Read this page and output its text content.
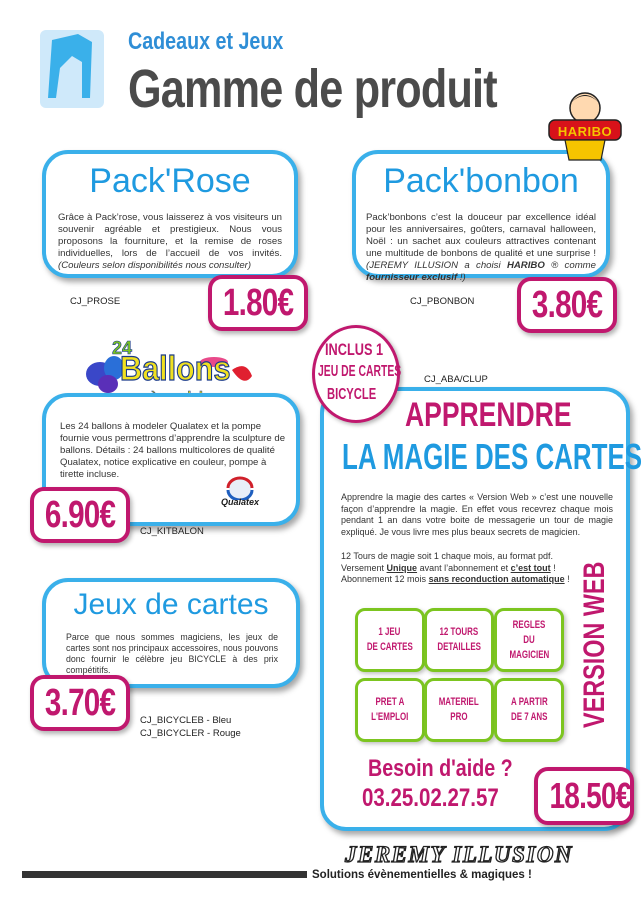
Cadeaux et Jeux
Gamme de produit
Pack'Rose
Grâce à Pack’rose, vous laisserez à vos visiteurs un souvenir agréable et prestigieux. Nous vous proposons la fourniture, et la remise de roses individuelles, lors de l’accueil de vos invités. (Couleurs selon disponibilités nous consulter)
CJ_PROSE	1.80€
Pack'bonbon
Pack’bonbons c’est la douceur par excellence idéal pour les anniversaires, goûters, carnaval halloween, Noël : un sachet aux couleurs attractives contenant une multitude de bonbons de qualité et une surprise ! (JEREMY ILLUSION a choisi HARIBO ® comme fournisseur exclusif !)
HARIBO
CJ_PBONBON	3.80€
24
Ballons
Les 24 ballons à modeler Qualatex et la pompe fournie vous permettrons d’apprendre la sculpture de ballons. Détails : 24 ballons multicolores de qualité Qualatex, notice explicative en couleur, pompe à tirette incluse.
Qualatex
6.90€	CJ_KITBALON
Jeux de cartes
Parce que nous sommes magiciens, les jeux de cartes sont nos principaux accessoires, nous pouvons donc fournir le célèbre jeu BICYCLE à des prix compétitifs.
3.70€	CJ_BICYCLEB - Bleu
CJ_BICYCLER - Rouge
INCLUS 1
JEU DE CARTES
BICYCLE
CJ_ABA/CLUP
APPRENDRE
LA MAGIE DES CARTES
Apprendre la magie des cartes « Version Web » c’est une nouvelle façon d’apprendre la magie. En effet vous recevrez chaque mois pendant 1 an dans votre boite de messagerie un tour de magie expliqué. Je vous livre mes plus beaux secrets de magicien.
12 Tours de magie soit 1 chaque mois, au format pdf.
Versement Unique avant l’abonnement et c’est tout !
Abonnement 12 mois sans reconduction automatique ! VERSION WEB
1 JEU
DE CARTES
12 TOURS
DETAILLES
REGLES DU
MAGICIEN
PRET A
L'EMPLOI
MATERIEL
PRO
A PARTIR
DE 7 ANS
Besoin d'aide ?
03.25.02.27.57	18.50€
JEREMY ILLUSION
Solutions évènementielles & magiques !
